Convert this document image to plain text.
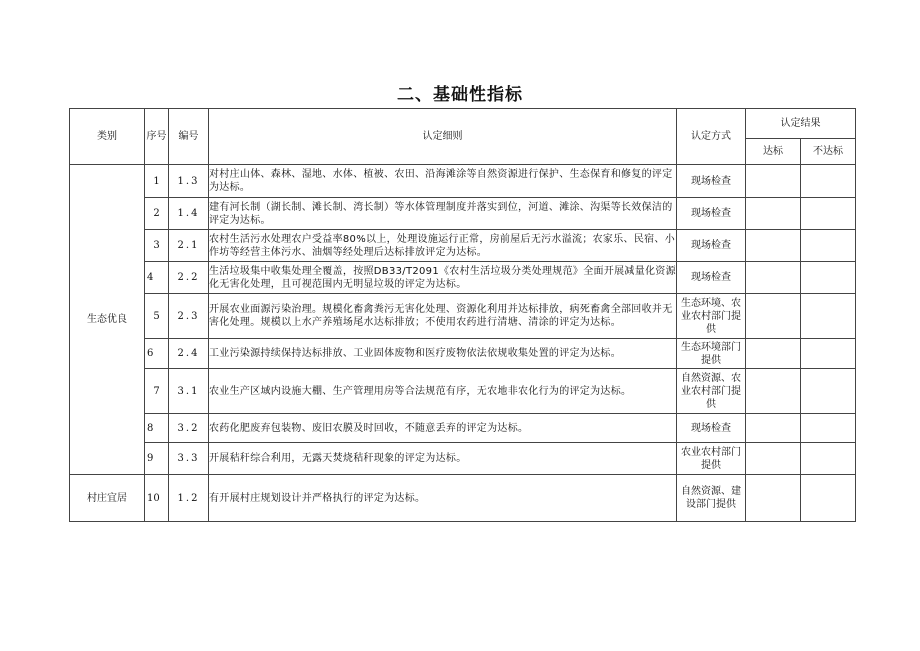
二、基础性指标
类别	序号	编号	认定细则	认定方式	认定结果	
					达标	不达标
生态优良	1	1.3	对村庄山体、森林、湿地、水体、植被、农田、沿海滩涂等自然资源进行保护、生态保育和修复的评定为达标。	现场检查		
	2	1.4	建有河长制（湖长制、滩长制、湾长制）等水体管理制度并落实到位，河道、滩涂、沟渠等长效保洁的评定为达标。	现场检查		
	3	2.1	农村生活污水处理农户受益率80%以上，处理设施运行正常，房前屋后无污水溢流；农家乐、民宿、小作坊等经营主体污水、油烟等经处理后达标排放评定为达标。	现场检查		
	4	2.2	生活垃圾集中收集处理全覆盖，按照DB33/T2091《农村生活垃圾分类处理规范》全面开展减量化资源化无害化处理，且可视范围内无明显垃圾的评定为达标。	现场检查		
	5	2.3	开展农业面源污染治理。规模化畜禽粪污无害化处理、资源化利用并达标排放，病死畜禽全部回收并无害化处理。规模以上水产养殖场尾水达标排放；不使用农药进行清塘、清涂的评定为达标。	生态环境、农业农村部门提供		
	6	2.4	工业污染源持续保持达标排放、工业固体废物和医疗废物依法依规收集处置的评定为达标。	生态环境部门提供		
	7	3.1	农业生产区域内设施大棚、生产管理用房等合法规范有序，无农地非农化行为的评定为达标。	自然资源、农业农村部门提供		
	8	3.2	农药化肥废弃包装物、废旧农膜及时回收，不随意丢弃的评定为达标。	现场检查		
	9	3.3	开展秸秆综合利用，无露天焚烧秸秆现象的评定为达标。	农业农村部门提供		
村庄宜居	10	1.2	有开展村庄规划设计并严格执行的评定为达标。	自然资源、建设部门提供		
